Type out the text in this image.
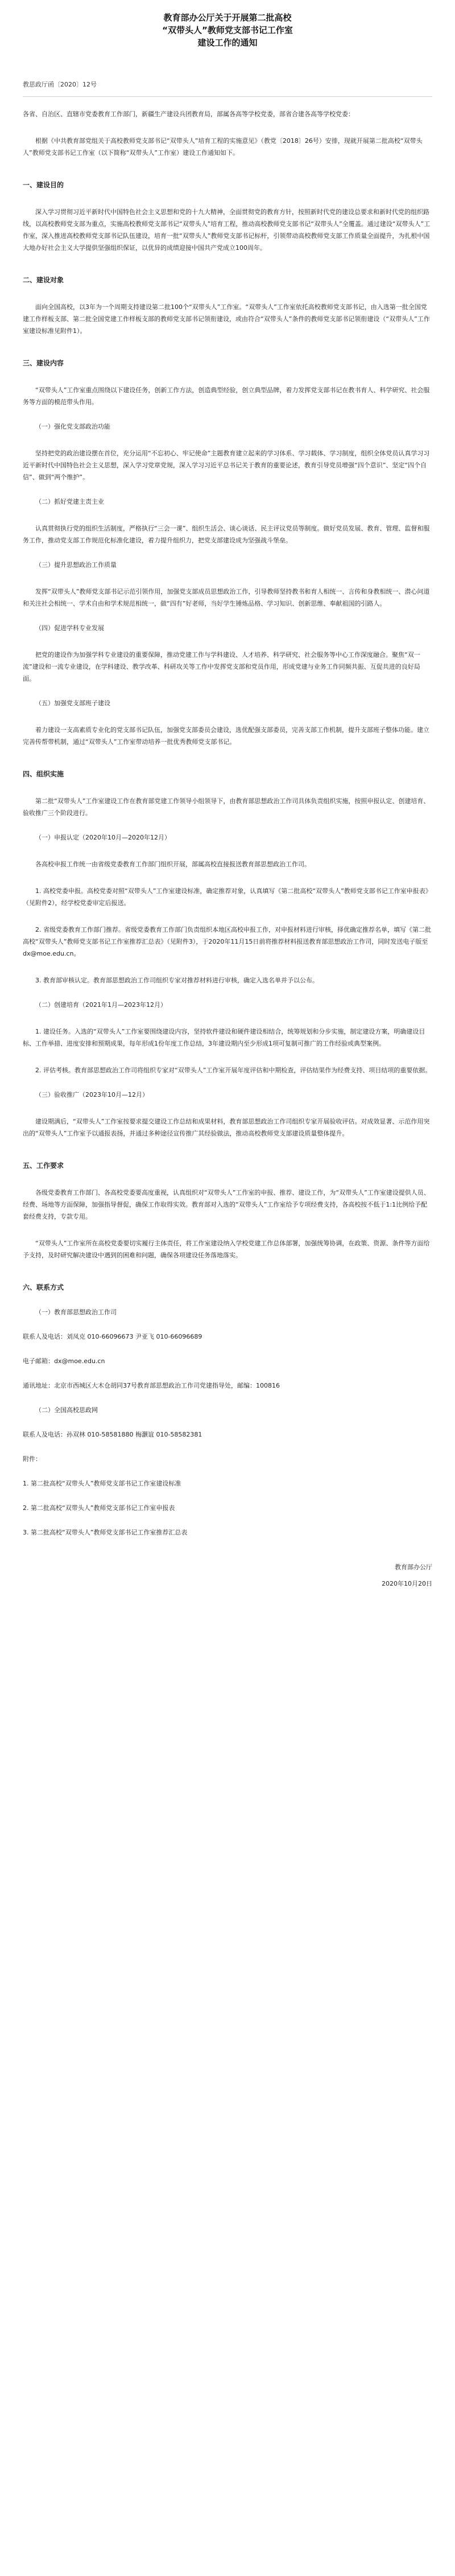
教育部办公厅关于开展第二批高校
“双带头人”教师党支部书记工作室
建设工作的通知

教思政厅函〔2020〕12号

各省、自治区、直辖市党委教育工作部门，新疆生产建设兵团教育局，部属各高等学校党委，部省合建各高等学校党委：

根据《中共教育部党组关于高校教师党支部书记“双带头人”培育工程的实施意见》（教党〔2018〕26号）安排，现就开展第二批高校“双带头人”教师党支部书记工作室（以下简称“双带头人”工作室）建设工作通知如下。

一、建设目的

深入学习贯彻习近平新时代中国特色社会主义思想和党的十九大精神，全面贯彻党的教育方针，按照新时代党的建设总要求和新时代党的组织路线，以高校教师党支部为重点，实施高校教师党支部书记“双带头人”培育工程，推动高校教师党支部书记“双带头人”全覆盖。通过建设“双带头人”工作室，深入推进高校教师党支部书记队伍建设，培育一批“双带头人”教师党支部书记标杆，引领带动高校教师党支部工作质量全面提升，为扎根中国大地办好社会主义大学提供坚强组织保证，以优异的成绩迎接中国共产党成立100周年。

二、建设对象

面向全国高校，以3年为一个周期支持建设第二批100个“双带头人”工作室。“双带头人”工作室依托高校教师党支部书记，由入选第一批全国党建工作样板支部、第二批全国党建工作样板支部的教师党支部书记领衔建设，或由符合“双带头人”条件的教师党支部书记领衔建设（“双带头人”工作室建设标准见附件1）。

三、建设内容

“双带头人”工作室重点围绕以下建设任务，创新工作方法，创造典型经验，创立典型品牌，着力发挥党支部书记在教书育人、科学研究、社会服务等方面的模范带头作用。

（一）强化党支部政治功能

坚持把党的政治建设摆在首位，充分运用“不忘初心、牢记使命”主题教育建立起来的学习体系、学习载体、学习制度，组织全体党员认真学习习近平新时代中国特色社会主义思想，深入学习党章党规，深入学习习近平总书记关于教育的重要论述，教育引导党员增强“四个意识”、坚定“四个自信”、做到“两个维护”。

（二）抓好党建主责主业

认真贯彻执行党的组织生活制度，严格执行“三会一课”、组织生活会、谈心谈话、民主评议党员等制度。做好党员发展、教育、管理、监督和服务工作，推动党支部工作规范化标准化建设，着力提升组织力，把党支部建设成为坚强战斗堡垒。

（三）提升思想政治工作质量

发挥“双带头人”教师党支部书记示范引领作用，加强党支部成员思想政治工作，引导教师坚持教书和育人相统一、言传和身教相统一、潜心问道和关注社会相统一、学术自由和学术规范相统一，做“四有”好老师，当好学生锤炼品格、学习知识、创新思维、奉献祖国的引路人。

（四）促进学科专业发展

把党的建设作为加强学科专业建设的重要保障，推动党建工作与学科建设、人才培养、科学研究、社会服务等中心工作深度融合。聚焦“双一流”建设和一流专业建设，在学科建设、教学改革、科研攻关等工作中发挥党支部和党员作用，形成党建与业务工作同频共振、互促共进的良好局面。

（五）加强党支部班子建设

着力建设一支高素质专业化的党支部书记队伍，加强党支部委员会建设，选优配强支部委员，完善支部工作机制，提升支部班子整体功能。建立完善传帮带机制，通过“双带头人”工作室带动培养一批优秀教师党支部书记。

四、组织实施

第二批“双带头人”工作室建设工作在教育部党建工作领导小组领导下，由教育部思想政治工作司具体负责组织实施，按照申报认定、创建培育、验收推广三个阶段进行。

（一）申报认定（2020年10月—2020年12月）

各高校申报工作统一由省级党委教育工作部门组织开展，部属高校直接报送教育部思想政治工作司。

1. 高校党委申报。高校党委对照“双带头人”工作室建设标准，确定推荐对象，认真填写《第二批高校“双带头人”教师党支部书记工作室申报表》（见附件2），经学校党委审定后报送。

2. 省级党委教育工作部门推荐。省级党委教育工作部门负责组织本地区高校申报工作，对申报材料进行审核，择优确定推荐名单，填写《第二批高校“双带头人”教师党支部书记工作室推荐汇总表》（见附件3），于2020年11月15日前将推荐材料报送教育部思想政治工作司，同时发送电子版至 dx@moe.edu.cn。

3. 教育部审核认定。教育部思想政治工作司组织专家对推荐材料进行审核，确定入选名单并予以公布。

（二）创建培育（2021年1月—2023年12月）

1. 建设任务。入选的“双带头人”工作室要围绕建设内容，坚持软件建设和硬件建设相结合，统筹规划和分步实施，制定建设方案，明确建设目标、工作举措、进度安排和预期成果，每年形成1份年度工作总结，3年建设期内至少形成1项可复制可推广的工作经验或典型案例。

2. 评估考核。教育部思想政治工作司将组织专家对“双带头人”工作室开展年度评估和中期检查，评估结果作为经费支持、项目结项的重要依据。

（三）验收推广（2023年10月—12月）

建设期满后，“双带头人”工作室按要求提交建设工作总结和成果材料，教育部思想政治工作司组织专家开展验收评估。对成效显著、示范作用突出的“双带头人”工作室予以通报表扬，并通过多种途径宣传推广其经验做法，推动高校教师党支部建设质量整体提升。

五、工作要求

各级党委教育工作部门、各高校党委要高度重视，认真组织对“双带头人”工作室的申报、推荐、建设工作，为“双带头人”工作室建设提供人员、经费、场地等方面保障，加强指导督促，确保工作取得实效。教育部对入选的“双带头人”工作室给予专项经费支持，各高校按不低于1:1比例给予配套经费支持，专款专用。

“双带头人”工作室所在高校党委要切实履行主体责任，将工作室建设纳入学校党建工作总体部署，加强统筹协调，在政策、资源、条件等方面给予支持，及时研究解决建设中遇到的困难和问题，确保各项建设任务落地落实。

六、联系方式

（一）教育部思想政治工作司

联系人及电话：刘凤克 010-66096673 尹亚飞 010-66096689

电子邮箱：dx@moe.edu.cn

通讯地址：北京市西城区大木仓胡同37号教育部思想政治工作司党建指导处，邮编：100816

（二）全国高校思政网

联系人及电话：孙双林 010-58581880 梅灏谊 010-58582381

附件：

1. 第二批高校“双带头人”教师党支部书记工作室建设标准

2. 第二批高校“双带头人”教师党支部书记工作室申报表

3. 第二批高校“双带头人”教师党支部书记工作室推荐汇总表

教育部办公厅

2020年10月20日
